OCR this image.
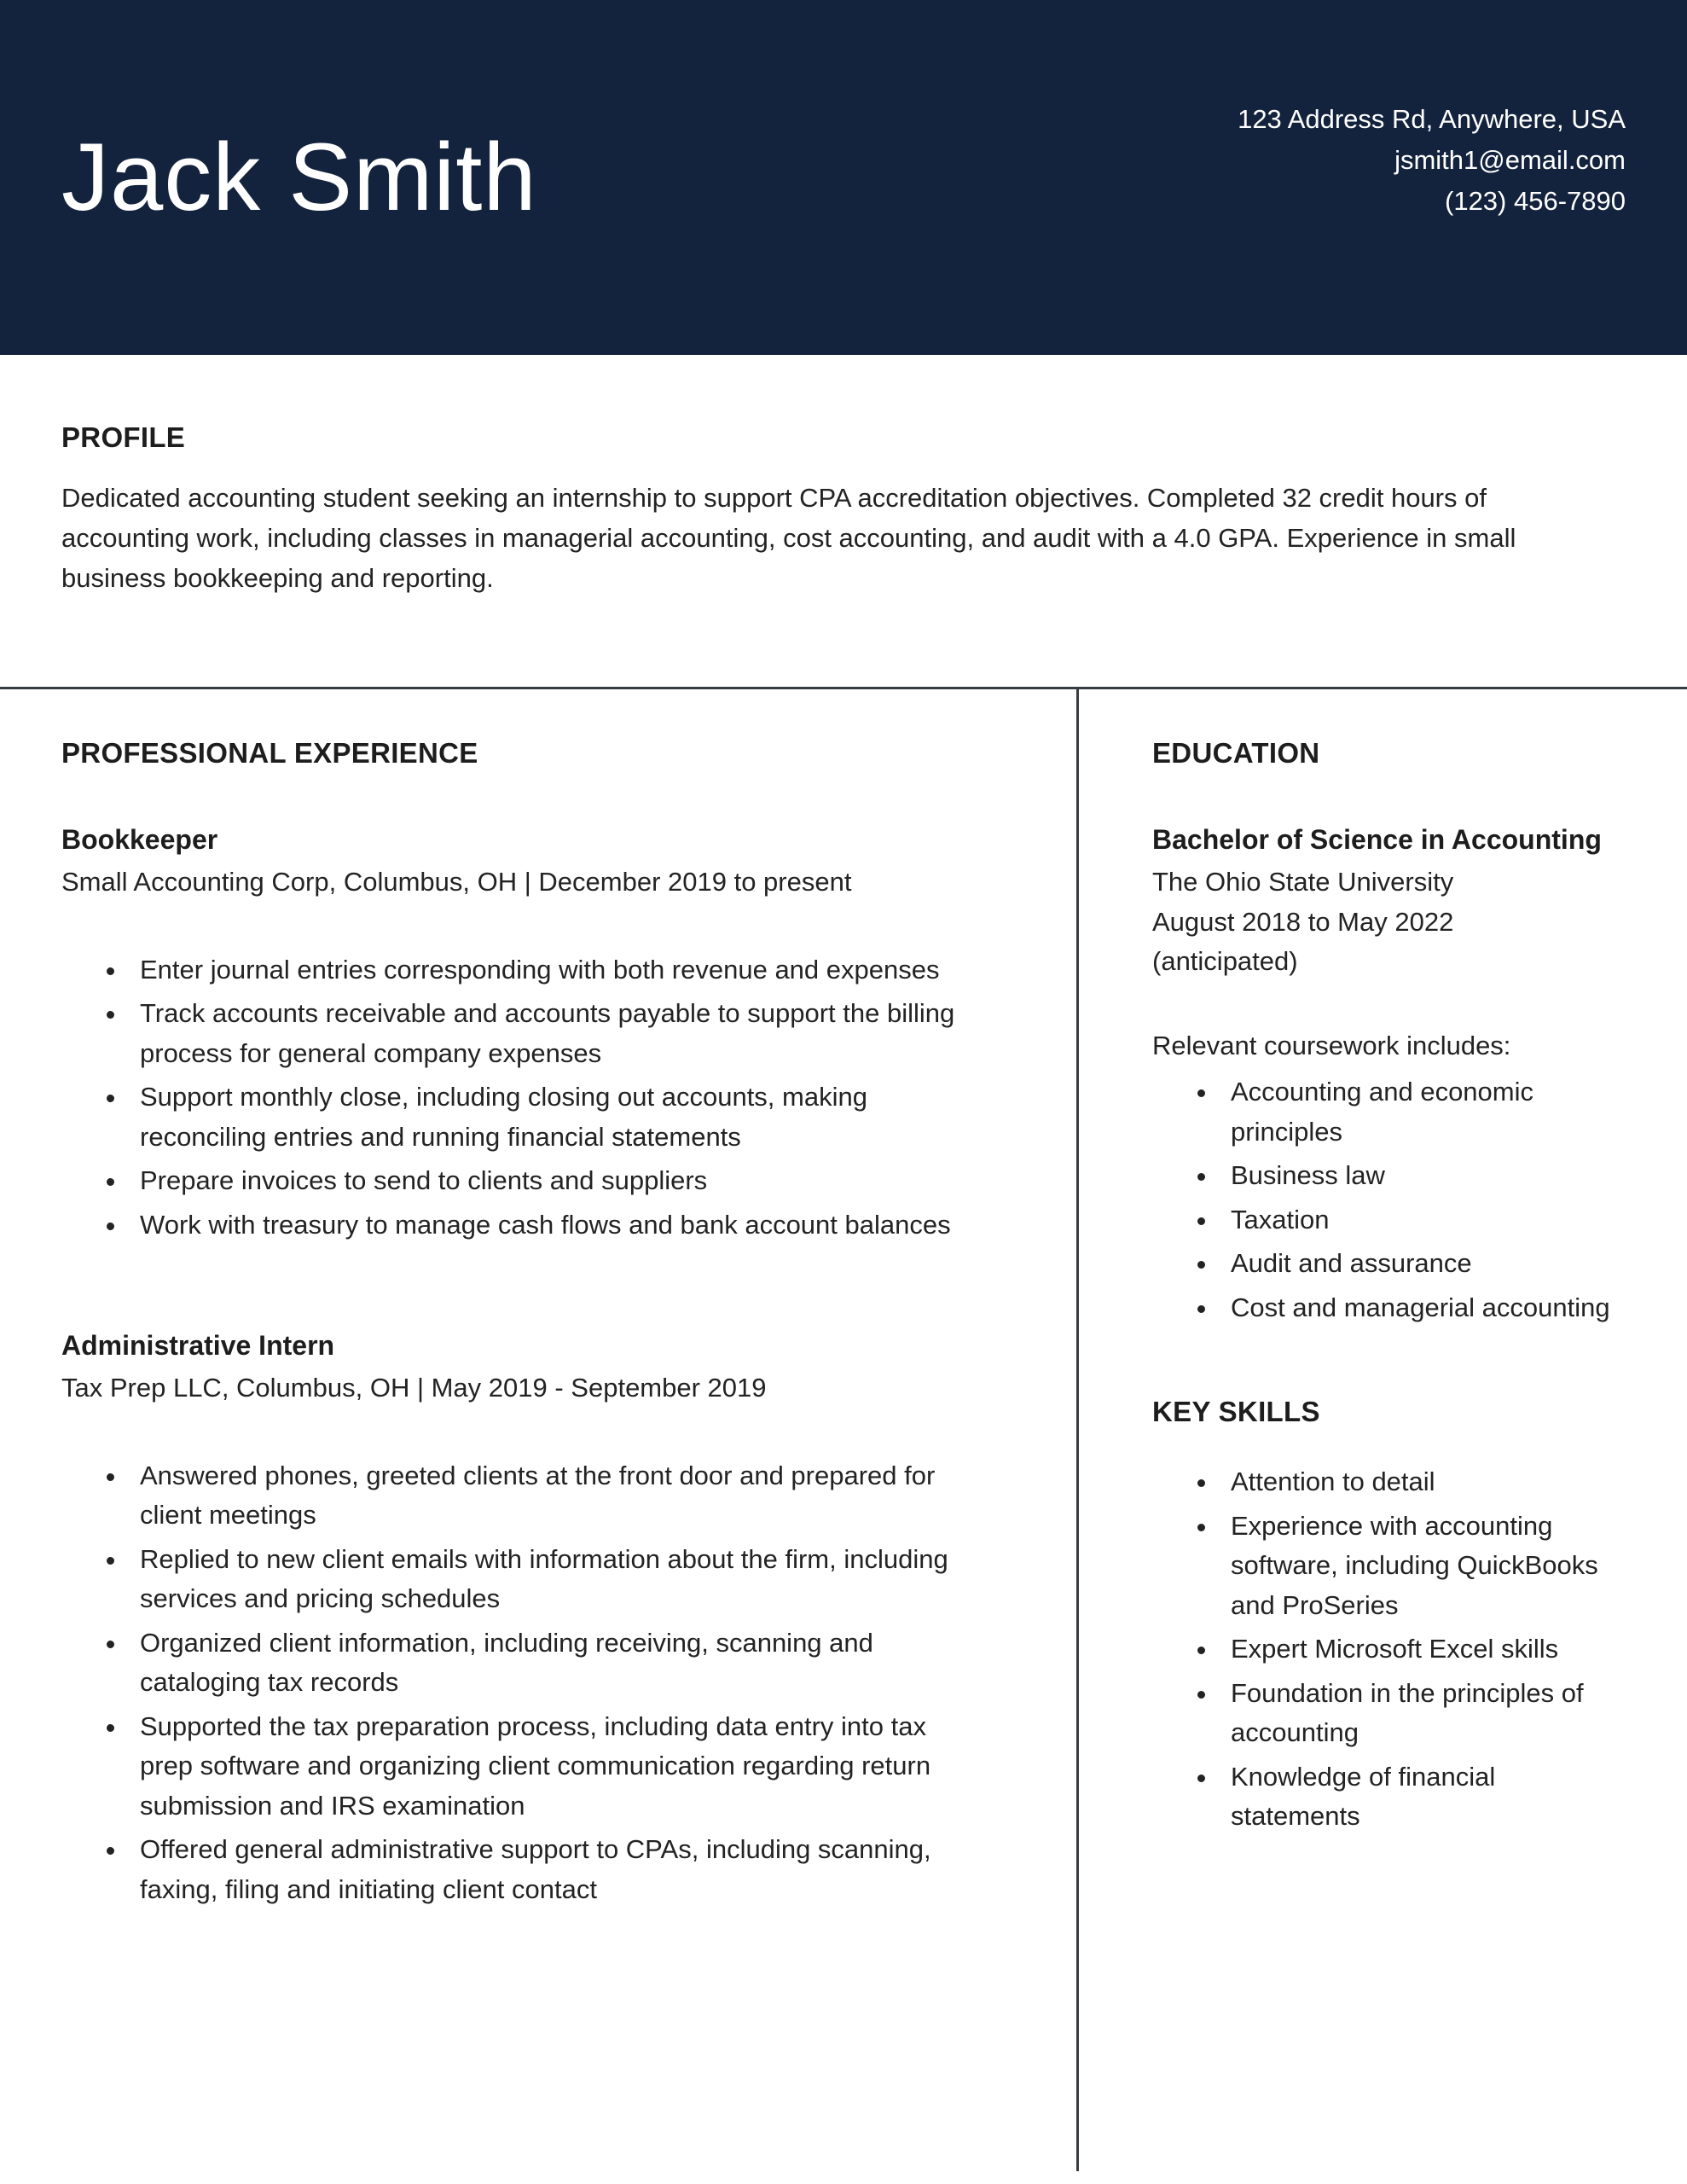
Jack Smith
123 Address Rd, Anywhere, USA
jsmith1@email.com
(123) 456-7890
PROFILE

Dedicated accounting student seeking an internship to support CPA accreditation objectives. Completed 32 credit hours of accounting work, including classes in managerial accounting, cost accounting, and audit with a 4.0 GPA. Experience in small business bookkeeping and reporting.

PROFESSIONAL EXPERIENCE
Bookkeeper
Small Accounting Corp, Columbus, OH | December 2019 to present
• Enter journal entries corresponding with both revenue and expenses
• Track accounts receivable and accounts payable to support the billing process for general company expenses
• Support monthly close, including closing out accounts, making reconciling entries and running financial statements
• Prepare invoices to send to clients and suppliers
• Work with treasury to manage cash flows and bank account balances
Administrative Intern
Tax Prep LLC, Columbus, OH | May 2019 - September 2019
• Answered phones, greeted clients at the front door and prepared for client meetings
• Replied to new client emails with information about the firm, including services and pricing schedules
• Organized client information, including receiving, scanning and cataloging tax records
• Supported the tax preparation process, including data entry into tax prep software and organizing client communication regarding return submission and IRS examination
• Offered general administrative support to CPAs, including scanning, faxing, filing and initiating client contact
EDUCATION
Bachelor of Science in Accounting
The Ohio State University
August 2018 to May 2022
(anticipated)
Relevant coursework includes:
• Accounting and economic principles
• Business law
• Taxation
• Audit and assurance
• Cost and managerial accounting
KEY SKILLS
• Attention to detail
• Experience with accounting software, including QuickBooks and ProSeries
• Expert Microsoft Excel skills
• Foundation in the principles of accounting
• Knowledge of financial statements
